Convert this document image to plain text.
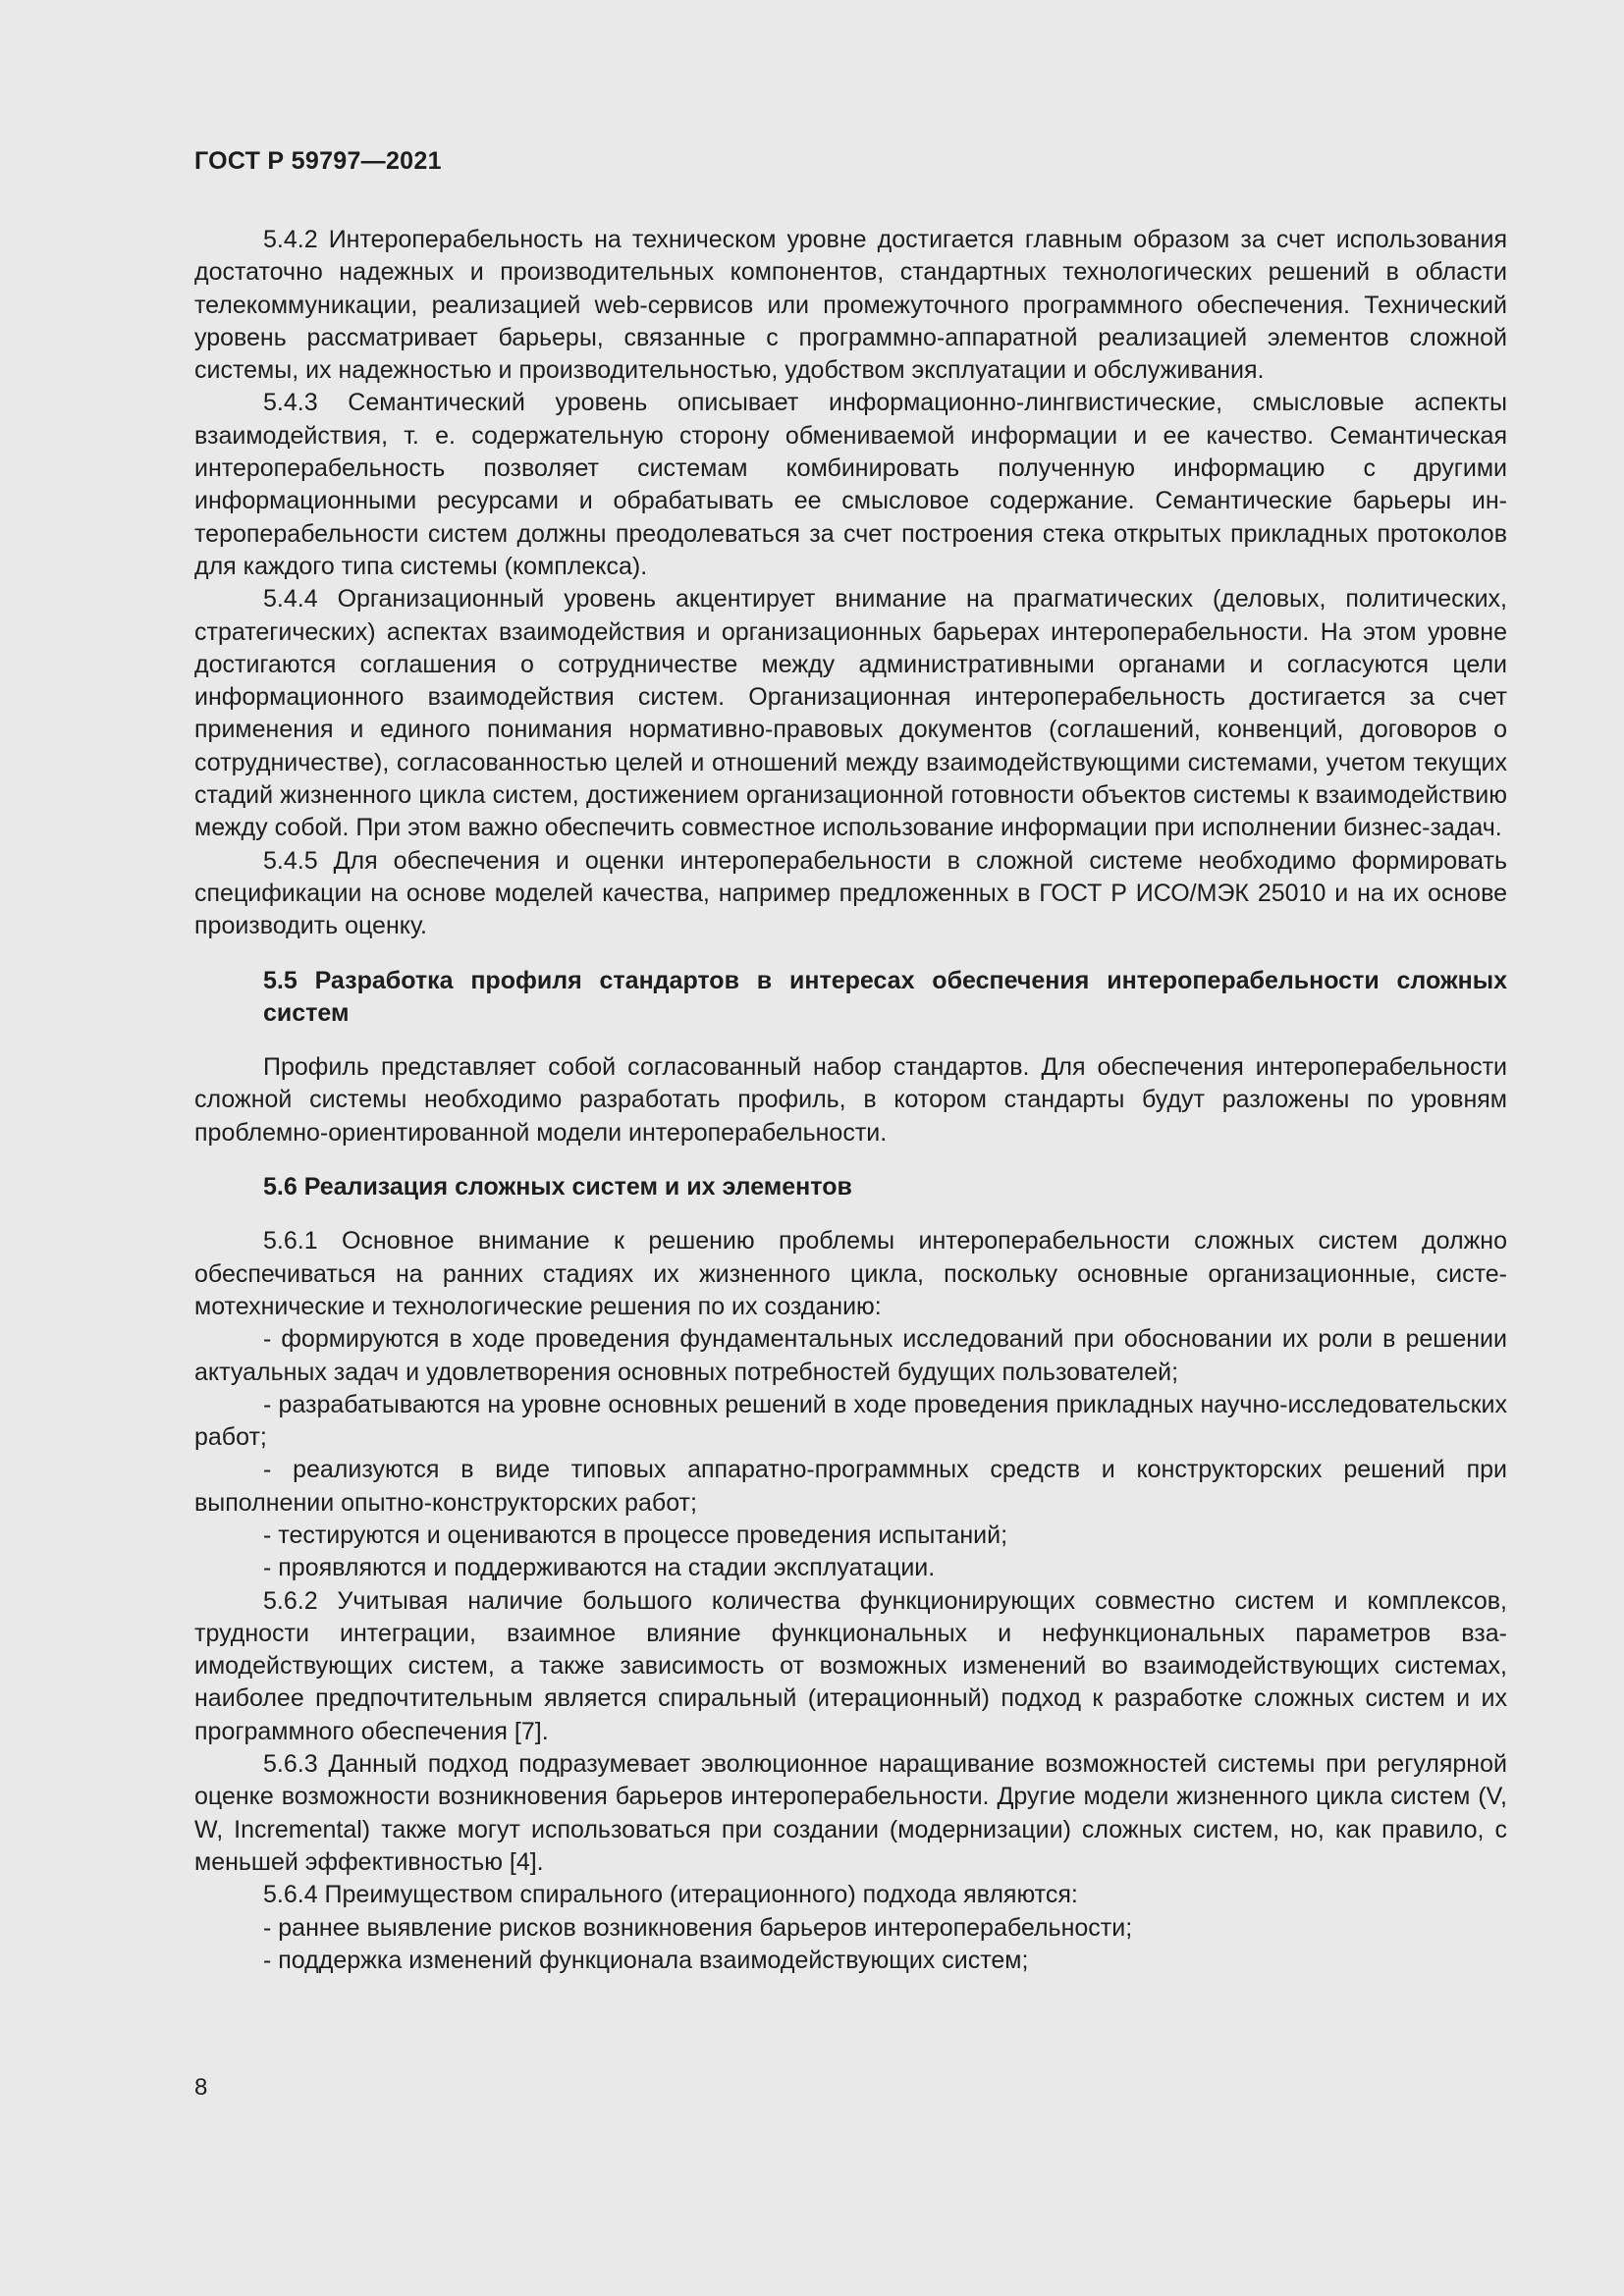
ГОСТ Р 59797—2021

5.4.2 Интероперабельность на техническом уровне достигается главным образом за счет использования достаточно надежных и производительных компонентов, стандартных технологических решений в области телекоммуникации, реализацией web-сервисов или промежуточного программного обеспечения. Технический уровень рассматривает барьеры, связанные с программно-аппаратной реализацией элементов сложной системы, их надежностью и производительностью, удобством эксплуатации и обслуживания.

5.4.3 Семантический уровень описывает информационно-лингвистические, смысловые аспекты взаимодействия, т. е. содержательную сторону обмениваемой информации и ее качество. Семантическая интероперабельность позволяет системам комбинировать полученную информацию с другими информационными ресурсами и обрабатывать ее смысловое содержание. Семантические барьеры интероперабельности систем должны преодолеваться за счет построения стека открытых прикладных протоколов для каждого типа системы (комплекса).

5.4.4 Организационный уровень акцентирует внимание на прагматических (деловых, политических, стратегических) аспектах взаимодействия и организационных барьерах интероперабельности. На этом уровне достигаются соглашения о сотрудничестве между административными органами и согласуются цели информационного взаимодействия систем. Организационная интероперабельность достигается за счет применения и единого понимания нормативно-правовых документов (соглашений, конвенций, договоров о сотрудничестве), согласованностью целей и отношений между взаимодействующими системами, учетом текущих стадий жизненного цикла систем, достижением организационной готовности объектов системы к взаимодействию между собой. При этом важно обеспечить совместное использование информации при исполнении бизнес-задач.

5.4.5 Для обеспечения и оценки интероперабельности в сложной системе необходимо формировать спецификации на основе моделей качества, например предложенных в ГОСТ Р ИСО/МЭК 25010 и на их основе производить оценку.

5.5 Разработка профиля стандартов в интересах обеспечения интероперабельности сложных систем

Профиль представляет собой согласованный набор стандартов. Для обеспечения интероперабельности сложной системы необходимо разработать профиль, в котором стандарты будут разложены по уровням проблемно-ориентированной модели интероперабельности.

5.6 Реализация сложных систем и их элементов

5.6.1 Основное внимание к решению проблемы интероперабельности сложных систем должно обеспечиваться на ранних стадиях их жизненного цикла, поскольку основные организационные, системотехнические и технологические решения по их созданию:

- формируются в ходе проведения фундаментальных исследований при обосновании их роли в решении актуальных задач и удовлетворения основных потребностей будущих пользователей;

- разрабатываются на уровне основных решений в ходе проведения прикладных научно-исследовательских работ;

- реализуются в виде типовых аппаратно-программных средств и конструкторских решений при выполнении опытно-конструкторских работ;

- тестируются и оцениваются в процессе проведения испытаний;

- проявляются и поддерживаются на стадии эксплуатации.

5.6.2 Учитывая наличие большого количества функционирующих совместно систем и комплексов, трудности интеграции, взаимное влияние функциональных и нефункциональных параметров взаимодействующих систем, а также зависимость от возможных изменений во взаимодействующих системах, наиболее предпочтительным является спиральный (итерационный) подход к разработке сложных систем и их программного обеспечения [7].

5.6.3 Данный подход подразумевает эволюционное наращивание возможностей системы при регулярной оценке возможности возникновения барьеров интероперабельности. Другие модели жизненного цикла систем (V, W, Incremental) также могут использоваться при создании (модернизации) сложных систем, но, как правило, с меньшей эффективностью [4].

5.6.4 Преимуществом спирального (итерационного) подхода являются:

- раннее выявление рисков возникновения барьеров интероперабельности;

- поддержка изменений функционала взаимодействующих систем;

8
